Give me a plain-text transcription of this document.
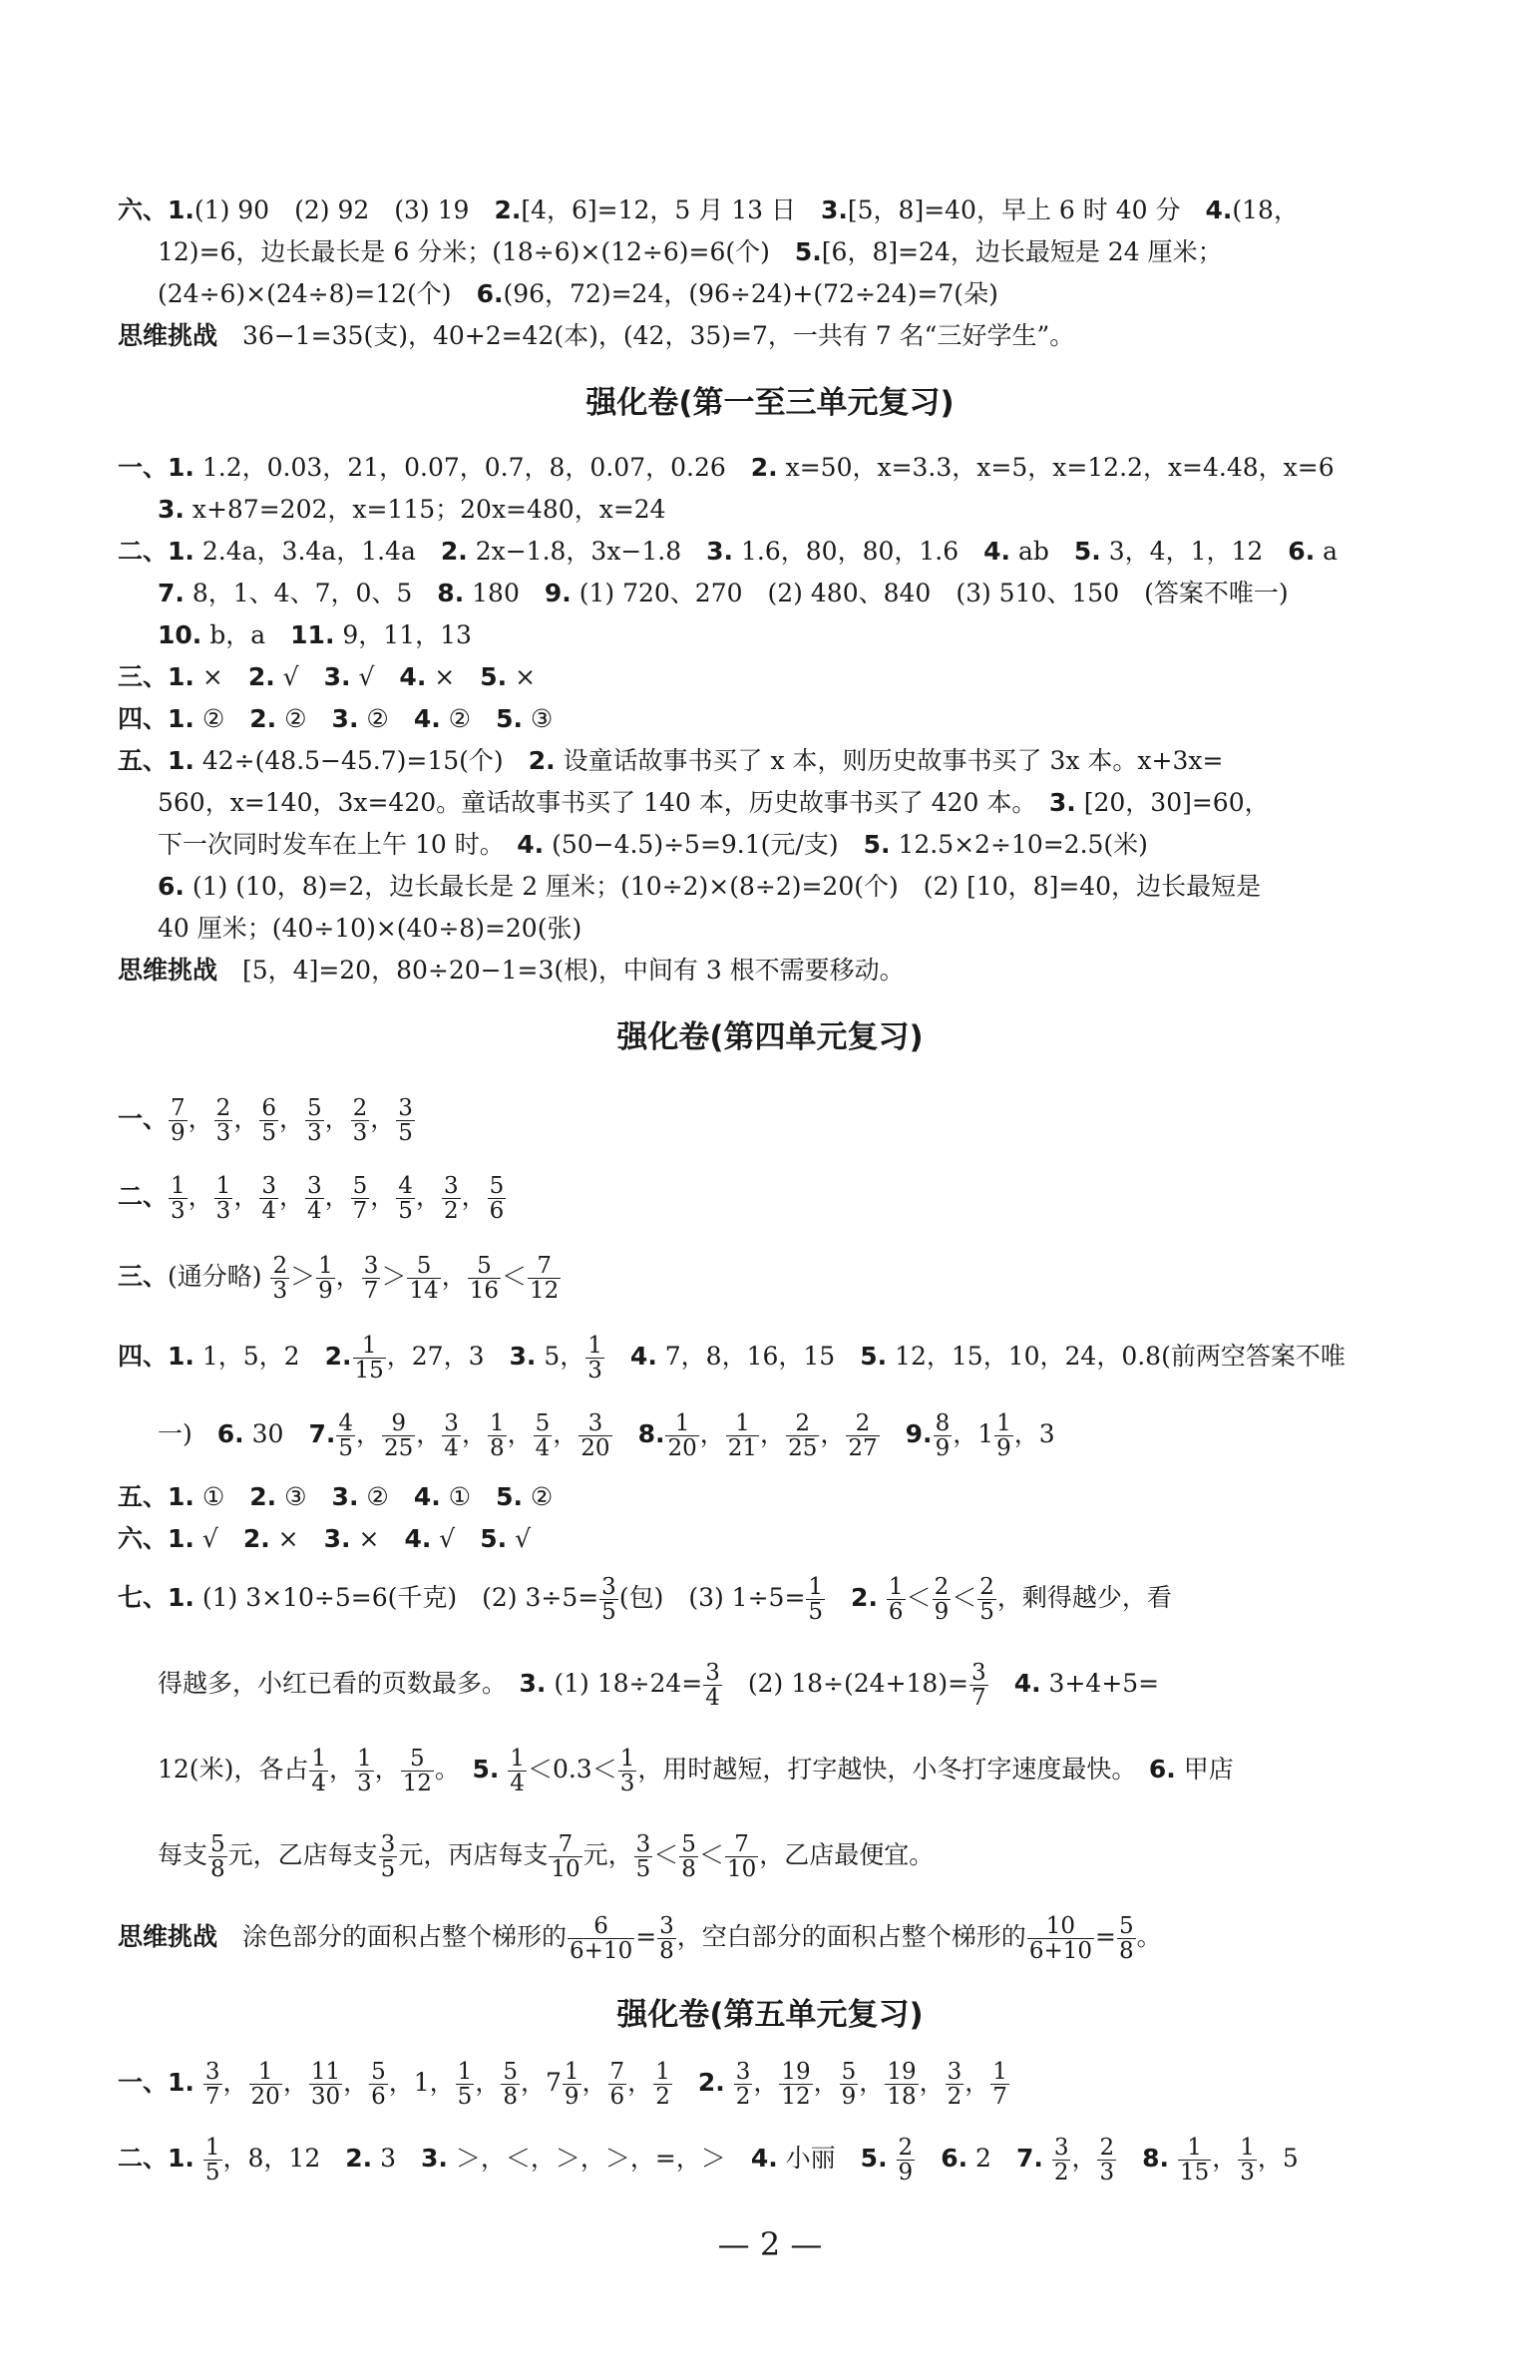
六、1.(1) 90　(2) 92　(3) 19　2.[4，6]=12，5 月 13 日　3.[5，8]=40，早上 6 时 40 分　4.(18，
12)=6，边长最长是 6 分米；(18÷6)×(12÷6)=6(个)　5.[6，8]=24，边长最短是 24 厘米；
(24÷6)×(24÷8)=12(个)　6.(96，72)=24，(96÷24)+(72÷24)=7(朵)
思维挑战　36−1=35(支)，40+2=42(本)，(42，35)=7，一共有 7 名“三好学生”。
强化卷(第一至三单元复习)
一、1. 1.2，0.03，21，0.07，0.7，8，0.07，0.26　2. x=50，x=3.3，x=5，x=12.2，x=4.48，x=6
3. x+87=202，x=115；20x=480，x=24
二、1. 2.4a，3.4a，1.4a　2. 2x−1.8，3x−1.8　3. 1.6，80，80，1.6　4. ab　5. 3，4，1，12　6. a
7. 8，1、4、7，0、5　8. 180　9. (1) 720、270　(2) 480、840　(3) 510、150　(答案不唯一)
10. b，a　11. 9，11，13
三、1. ×　2. √　3. √　4. ×　5. ×
四、1. ②　2. ②　3. ②　4. ②　5. ③
五、1. 42÷(48.5−45.7)=15(个)　2. 设童话故事书买了 x 本，则历史故事书买了 3x 本。x+3x=
560，x=140，3x=420。童话故事书买了 140 本，历史故事书买了 420 本。　3. [20，30]=60，
下一次同时发车在上午 10 时。　4. (50−4.5)÷5=9.1(元/支)　5. 12.5×2÷10=2.5(米)
6. (1) (10，8)=2，边长最长是 2 厘米；(10÷2)×(8÷2)=20(个)　(2) [10，8]=40，边长最短是
40 厘米；(40÷10)×(40÷8)=20(张)
思维挑战　[5，4]=20，80÷20−1=3(根)，中间有 3 根不需要移动。
强化卷(第四单元复习)
一、 $\frac{7}{9}$ ， $\frac{2}{3}$ ， $\frac{6}{5}$ ， $\frac{5}{3}$ ， $\frac{2}{3}$ ， $\frac{3}{5}$
二、 $\frac{1}{3}$ ， $\frac{1}{3}$ ， $\frac{3}{4}$ ， $\frac{3}{4}$ ， $\frac{5}{7}$ ， $\frac{4}{5}$ ， $\frac{3}{2}$ ， $\frac{5}{6}$
三、(通分略) $\frac{2}{3} > \frac{1}{9}$ ， $\frac{3}{7} > \frac{5}{14}$ ， $\frac{5}{16} < \frac{7}{12}$
四、1. 1，5，2　2. $\frac{1}{15}$ ，27，3　3. 5， $\frac{1}{3}$
　 4. 7，8，16，15　5. 12，15，10，24，0.8(前两空答案不唯
一)　6. 30　7. $\frac{4}{5}$ ， $\frac{9}{25}$ ， $\frac{3}{4}$ ， $\frac{1}{8}$ ， $\frac{5}{4}$ ， $\frac{3}{20}$
　 8. $\frac{1}{20}$ ， $\frac{1}{21}$ ， $\frac{2}{25}$ ， $\frac{2}{27}$
　 9. $\frac{8}{9}$ ，$1 \frac{1}{9}$ ，3
五、1. ①　2. ③　3. ②　4. ①　5. ②
六、1. √　2. ×　3. ×　4. √　5. √
七、1. (1) 3×10÷5=6(千克)　(2) $3\div 5= \frac{3}{5}$ (包)　(3) $1\div 5= \frac{1}{5}$
　 2. $\frac{1}{6} < \frac{2}{9} < \frac{2}{5}$ ，剩得越少，看
得越多，小红已看的页数最多。　3. (1) $18\div 24= \frac{3}{4}$ 　(2) $18\div(24+18)= \frac{3}{7}$
　 4. 3+4+5=
12(米)，各占 $\frac{1}{4}$ ， $\frac{1}{3}$ ， $\frac{5}{12}$ 。　5. $\frac{1}{4} <0.3< \frac{1}{3}$ ，用时越短，打字越快，小冬打字速度最快。　6. 甲店
每支 $\frac{5}{8}$ 元，乙店每支 $\frac{3}{5}$ 元，丙店每支 $\frac{7}{10}$ 元， $\frac{3}{5} < \frac{5}{8} < \frac{7}{10}$ ，乙店最便宜。
思维挑战　涂色部分的面积占整个梯形的 $\frac{6}{6+10} = \frac{3}{8}$ ，空白部分的面积占整个梯形的 $\frac{10}{6+10} = \frac{5}{8}$ 。
强化卷(第五单元复习)
一、1. $\frac{3}{7}$ ， $\frac{1}{20}$ ， $\frac{11}{30}$ ， $\frac{5}{6}$ ，1， $\frac{1}{5}$ ， $\frac{5}{8}$ ，$7 \frac{1}{9}$ ， $\frac{7}{6}$ ， $\frac{1}{2}$
　 2. $\frac{3}{2}$ ， $\frac{19}{12}$ ， $\frac{5}{9}$ ， $\frac{19}{18}$ ， $\frac{3}{2}$ ， $\frac{1}{7}$
二、1. $\frac{1}{5}$ ，8，12　2. 3　3. ＞，＜，＞，＞，=，＞　4. 小丽　5. $\frac{2}{9}$
　 6. 2　7. $\frac{3}{2}$ ， $\frac{2}{3}$
　 8. $\frac{1}{15}$ ， $\frac{1}{3}$ ，5
— 2 —
